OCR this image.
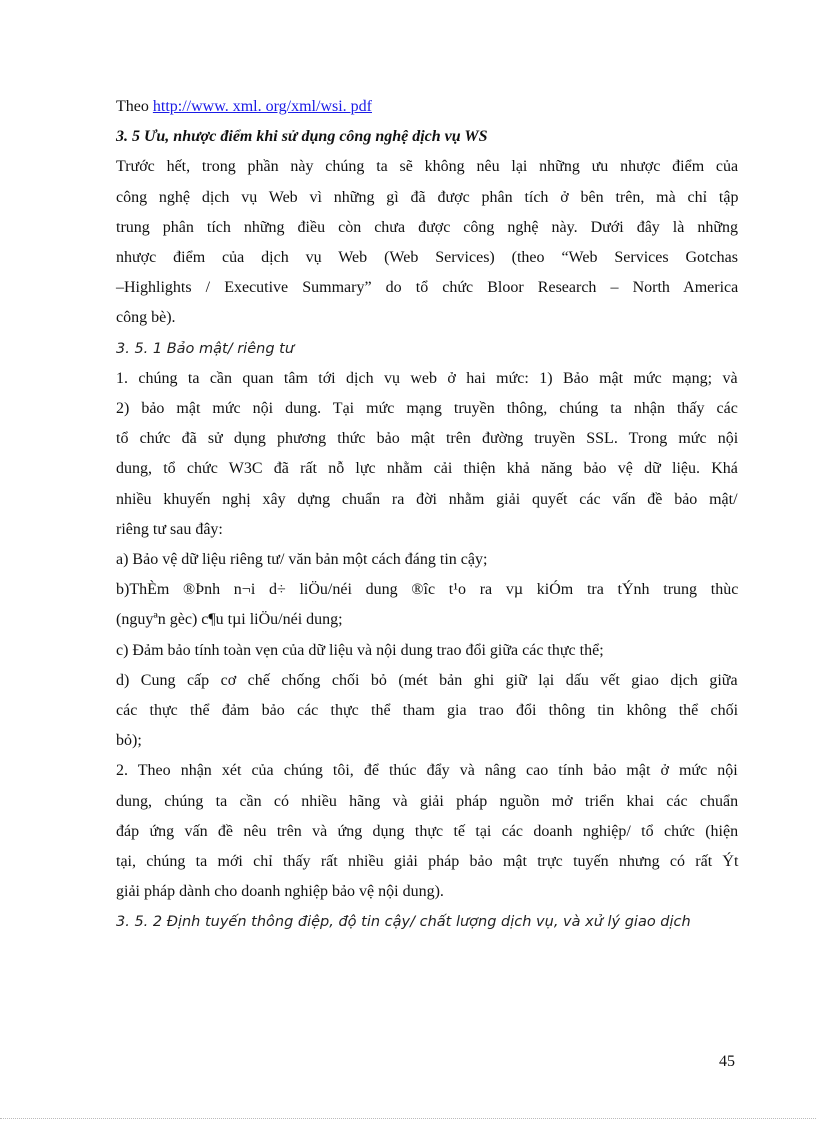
Theo
http://www. xml. org/xml/wsi. pdf
3. 5 Ưu, nhược điểm khi sử dụng công nghệ dịch vụ WS
Trước hết, trong phần này chúng ta sẽ không nêu lại những ưu nhược điểm của
công nghệ dịch vụ Web vì những gì đã được phân tích ở bên trên, mà chỉ tập
trung phân tích những điều còn chưa được công nghệ này. Dưới đây là những
nhược điểm của dịch vụ Web (Web Services) (theo “Web Services Gotchas
–Highlights / Executive Summary” do tổ chức Bloor Research – North America
công bè).
3. 5. 1 Bảo mật/ riêng tư
1. chúng ta cần quan tâm tới dịch vụ web ở hai mức: 1) Bảo mật mức mạng; và
2) bảo mật mức nội dung. Tại mức mạng truyền thông, chúng ta nhận thấy các
tổ chức đã sử dụng phương thức bảo mật trên đường truyền SSL. Trong mức nội
dung, tổ chức W3C đã rất nỗ lực nhằm cải thiện khả năng bảo vệ dữ liệu. Khá
nhiều khuyến nghị xây dựng chuẩn ra đời nhằm giải quyết các vấn đề bảo mật/
riêng tư sau đây:
a) Bảo vệ dữ liệu riêng tư/ văn bản một cách đáng tin cậy;
b)ThÈm ®Þnh n¬i d÷ liÖu/néi dung ®îc t¹o ra vµ kiÓm tra tÝnh trung thùc
(nguyªn gèc) c¶u tµi liÖu/néi dung;
c) Đảm bảo tính toàn vẹn của dữ liệu và nội dung trao đổi giữa các thực thể;
d) Cung cấp cơ chế chống chối bỏ (mét bản ghi giữ lại dấu vết giao dịch giữa
các thực thể đảm bảo các thực thể tham gia trao đổi thông tin không thể chối
bỏ);
2. Theo nhận xét của chúng tôi, để thúc đẩy và nâng cao tính bảo mật ở mức nội
dung, chúng ta cần có nhiều hãng và giải pháp nguồn mở triển khai các chuẩn
đáp ứng vấn đề nêu trên và ứng dụng thực tế tại các doanh nghiệp/ tổ chức (hiện
tại, chúng ta mới chỉ thấy rất nhiều giải pháp bảo mật trực tuyến nhưng có rất Ýt
giải pháp dành cho doanh nghiệp bảo vệ nội dung).
3. 5. 2 Định tuyến thông điệp, độ tin cậy/ chất lượng dịch vụ, và xử lý giao dịch
45
